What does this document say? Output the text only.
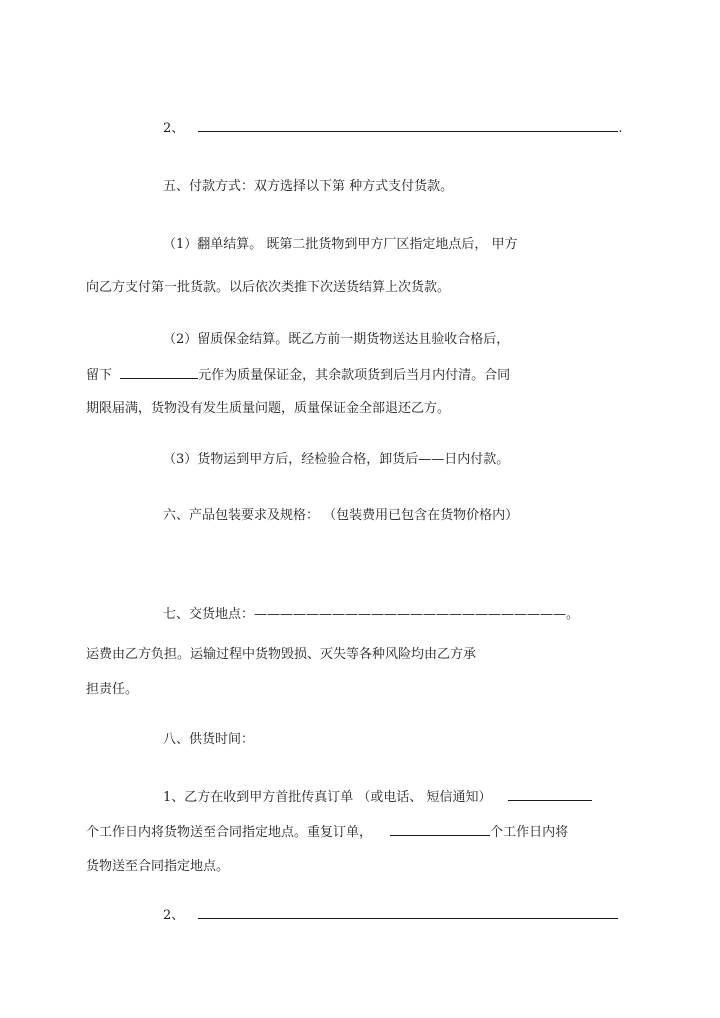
2、	.
五、付款方式：双方选择以下第 种方式支付货款。
（1）翻单结算。 既第二批货物到甲方厂区指定地点后， 甲方
向乙方支付第一批货款。以后依次类推下次送货结算上次货款。
（2）留质保金结算。既乙方前一期货物送达且验收合格后，
留下	元作为质量保证金，其余款项货到后当月内付清。合同
期限届满，货物没有发生质量问题，质量保证金全部退还乙方。
（3）货物运到甲方后，经检验合格，卸货后——日内付款。
六、产品包装要求及规格： （包装费用已包含在货物价格内）
七、交货地点：————————————————————————。
运费由乙方负担。运输过程中货物毁损、灭失等各种风险均由乙方承
担责任。
八、供货时间：
1、乙方在收到甲方首批传真订单 （或电话、 短信通知）
个工作日内将货物送至合同指定地点。重复订单，	个工作日内将
货物送至合同指定地点。
2、
